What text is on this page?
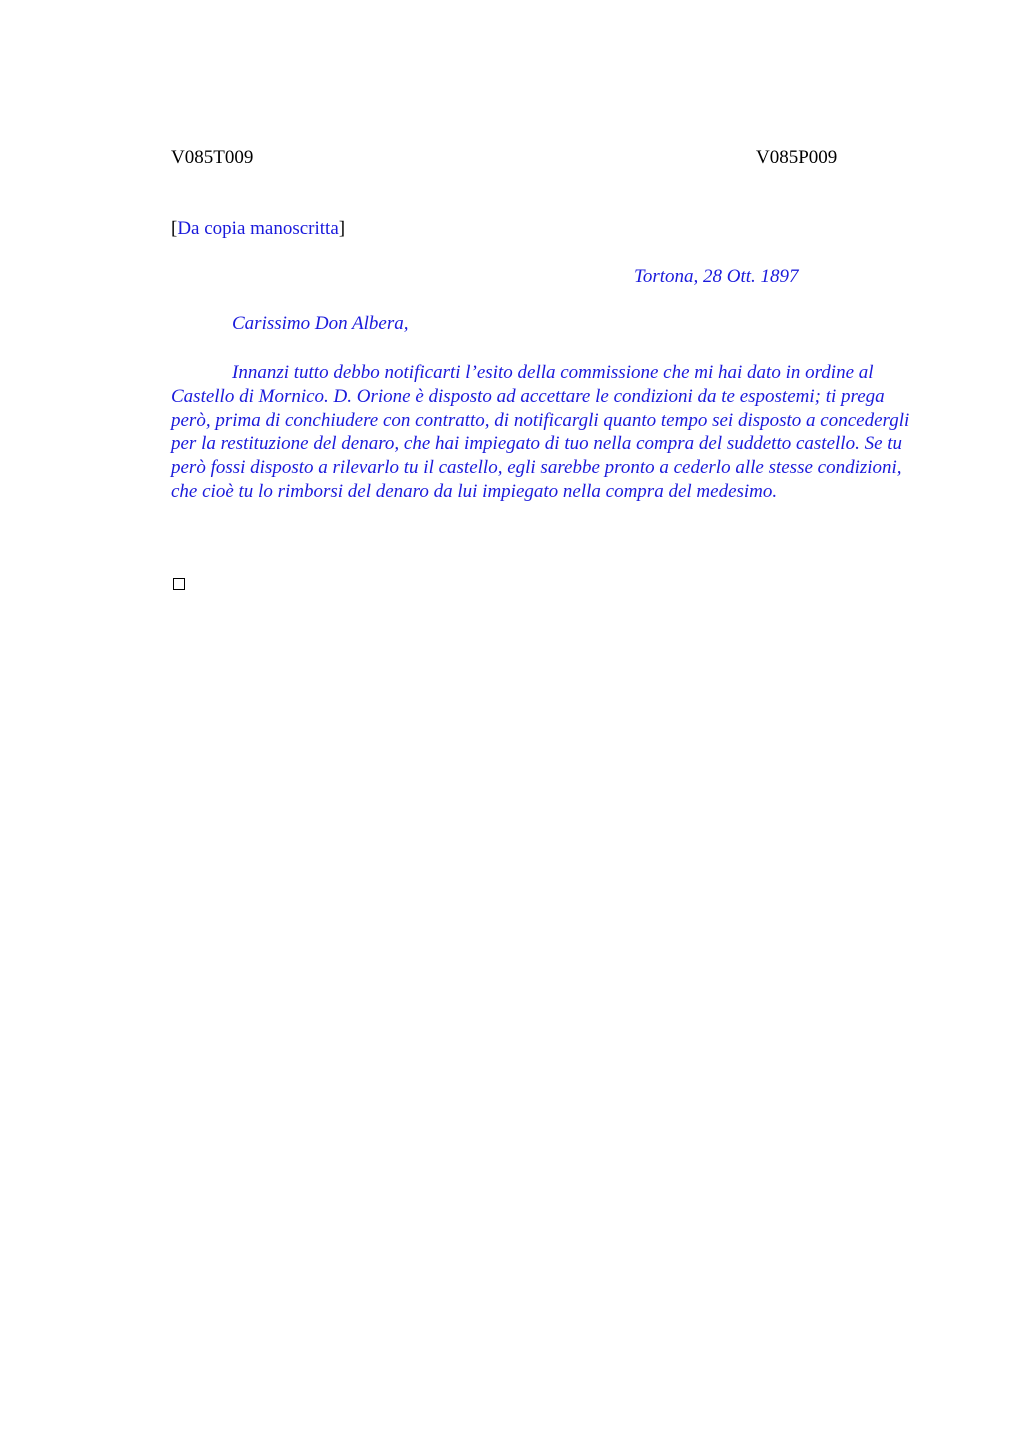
V085T009	V085P009
[Da copia manoscritta]
Tortona, 28 Ott. 1897
Carissimo Don Albera,

Innanzi tutto debbo notificarti l’esito della commissione che mi hai dato in ordine al Castello di Mornico. D. Orione è disposto ad accettare le condizioni da te espostemi; ti prega però, prima di conchiudere con contratto, di notificargli quanto tempo sei disposto a concedergli per la restituzione del denaro, che hai impiegato di tuo nella compra del suddetto castello. Se tu però fossi disposto a rilevarlo tu il castello, egli sarebbe pronto a cederlo alle stesse condizioni, che cioè tu lo rimborsi del denaro da lui impiegato nella compra del medesimo.
